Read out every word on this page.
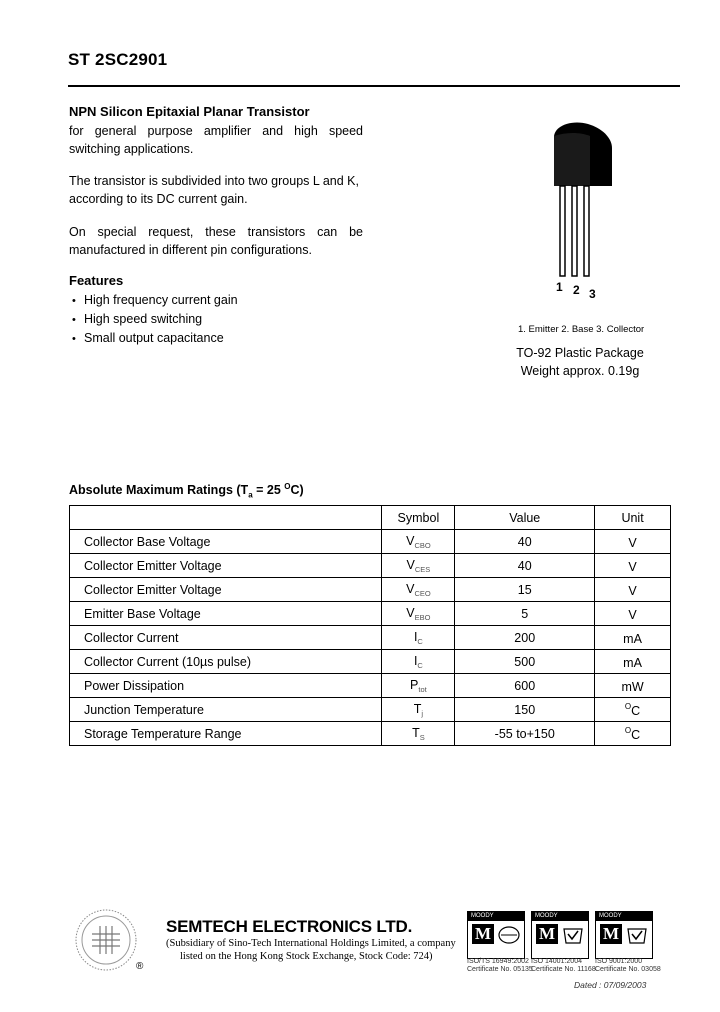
ST 2SC2901
NPN Silicon Epitaxial Planar Transistor
for general purpose amplifier and high speed switching applications.
The transistor is subdivided into two groups L and K, according to its DC current gain.
On special request, these transistors can be manufactured in different pin configurations.
Features
• High frequency current gain
• High speed switching
• Small output capacitance
1 2 3
1. Emitter 2. Base 3. Collector
TO-92 Plastic Package
Weight approx. 0.19g
Absolute Maximum Ratings ($T_a = 25$ $^O$C)
	Symbol	Value	Unit
Collector Base Voltage	$V_{CBO}$	40	V
Collector Emitter Voltage	$V_{CES}$	40	V
Collector Emitter Voltage	$V_{CEO}$	15	V
Emitter Base Voltage	$V_{EBO}$	5	V
Collector Current	$I_C$	200	mA
Collector Current (10µs pulse)	$I_C$	500	mA
Power Dissipation	$P_{tot}$	600	mW
Junction Temperature	$T_j$	150	$^O$C
Storage Temperature Range	$T_S$	-55 to+150	$^O$C
®
SEMTECH ELECTRONICS LTD.
(Subsidiary of Sino-Tech International Holdings Limited, a company
listed on the Hong Kong Stock Exchange, Stock Code: 724)
MOODY
M	MOODY
M	MOODY
M
ISO/TS 16949:2002
Certificate No. 05135
ISO 14001:2004
Certificate No. 11168
ISO 9001:2000
Certificate No. 03058
Dated : 07/09/2003
